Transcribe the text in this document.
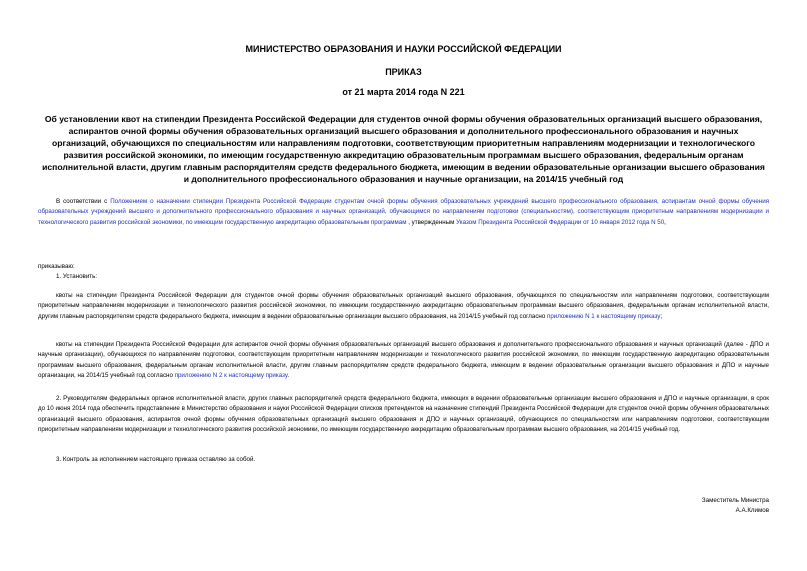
МИНИСТЕРСТВО ОБРАЗОВАНИЯ И НАУКИ РОССИЙСКОЙ ФЕДЕРАЦИИ
ПРИКАЗ
от 21 марта 2014 года N 221
Об установлении квот на стипендии Президента Российской Федерации для студентов очной формы обучения образовательных организаций высшего образования, аспирантов очной формы обучения образовательных организаций высшего образования и дополнительного профессионального образования и научных организаций, обучающихся по специальностям или направлениям подготовки, соответствующим приоритетным направлениям модернизации и технологического развития российской экономики, по имеющим государственную аккредитацию образовательным программам высшего образования, федеральным органам исполнительной власти, другим главным распорядителям средств федерального бюджета, имеющим в ведении образовательные организации высшего образования и дополнительного профессионального образования и научные организации, на 2014/15 учебный год
В соответствии с Положением о назначении стипендии Президента Российской Федерации студентам очной формы обучения образовательных учреждений высшего профессионального образования, аспирантам очной формы обучения образовательных учреждений высшего и дополнительного профессионального образования и научных организаций, обучающимся по направлениям подготовки (специальностям), соответствующим приоритетным направлениям модернизации и технологического развития российской экономики, по имеющим государственную аккредитацию образовательным программам , утвержденным Указом Президента Российской Федерации от 10 января 2012 года N 50,
приказываю:
1. Установить:
квоты на стипендии Президента Российской Федерации для студентов очной формы обучения образовательных организаций высшего образования, обучающихся по специальностям или направлениям подготовки, соответствующим приоритетным направлениям модернизации и технологического развития российской экономики, по имеющим государственную аккредитацию образовательным программам высшего образования, федеральным органам исполнительной власти, другим главным распорядителям средств федерального бюджета, имеющим в ведении образовательные организации высшего образования, на 2014/15 учебный год согласно приложению N 1 к настоящему приказу;
квоты на стипендии Президента Российской Федерации для аспирантов очной формы обучения образовательных организаций высшего образования и дополнительного профессионального образования и научных организаций (далее - ДПО и научные организации), обучающихся по направлениям подготовки, соответствующим приоритетным направлениям модернизации и технологического развития российской экономики, по имеющим государственную аккредитацию образовательным программам высшего образования, федеральным органам исполнительной власти, другим главным распорядителям средств федерального бюджета, имеющим в ведении образовательные организации высшего образования и ДПО и научные организации, на 2014/15 учебный год согласно приложению N 2 к настоящему приказу.
2. Руководителям федеральных органов исполнительной власти, других главных распорядителей средств федерального бюджета, имеющих в ведении образовательные организации высшего образования и ДПО и научные организации, в срок до 10 июня 2014 года обеспечить представление в Министерство образования и науки Российской Федерации списков претендентов на назначение стипендий Президента Российской Федерации для студентов очной формы обучения образовательных организаций высшего образования, аспирантов очной формы обучения образовательных организаций высшего образования и ДПО и научных организаций, обучающихся по специальностям или направлениям подготовки, соответствующим приоритетным направлениям модернизации и технологического развития российской экономики, по имеющим государственную аккредитацию образовательным программам высшего образования, на 2014/15 учебный год.
3. Контроль за исполнением настоящего приказа оставляю за собой.
Заместитель Министра
А.А.Климов
